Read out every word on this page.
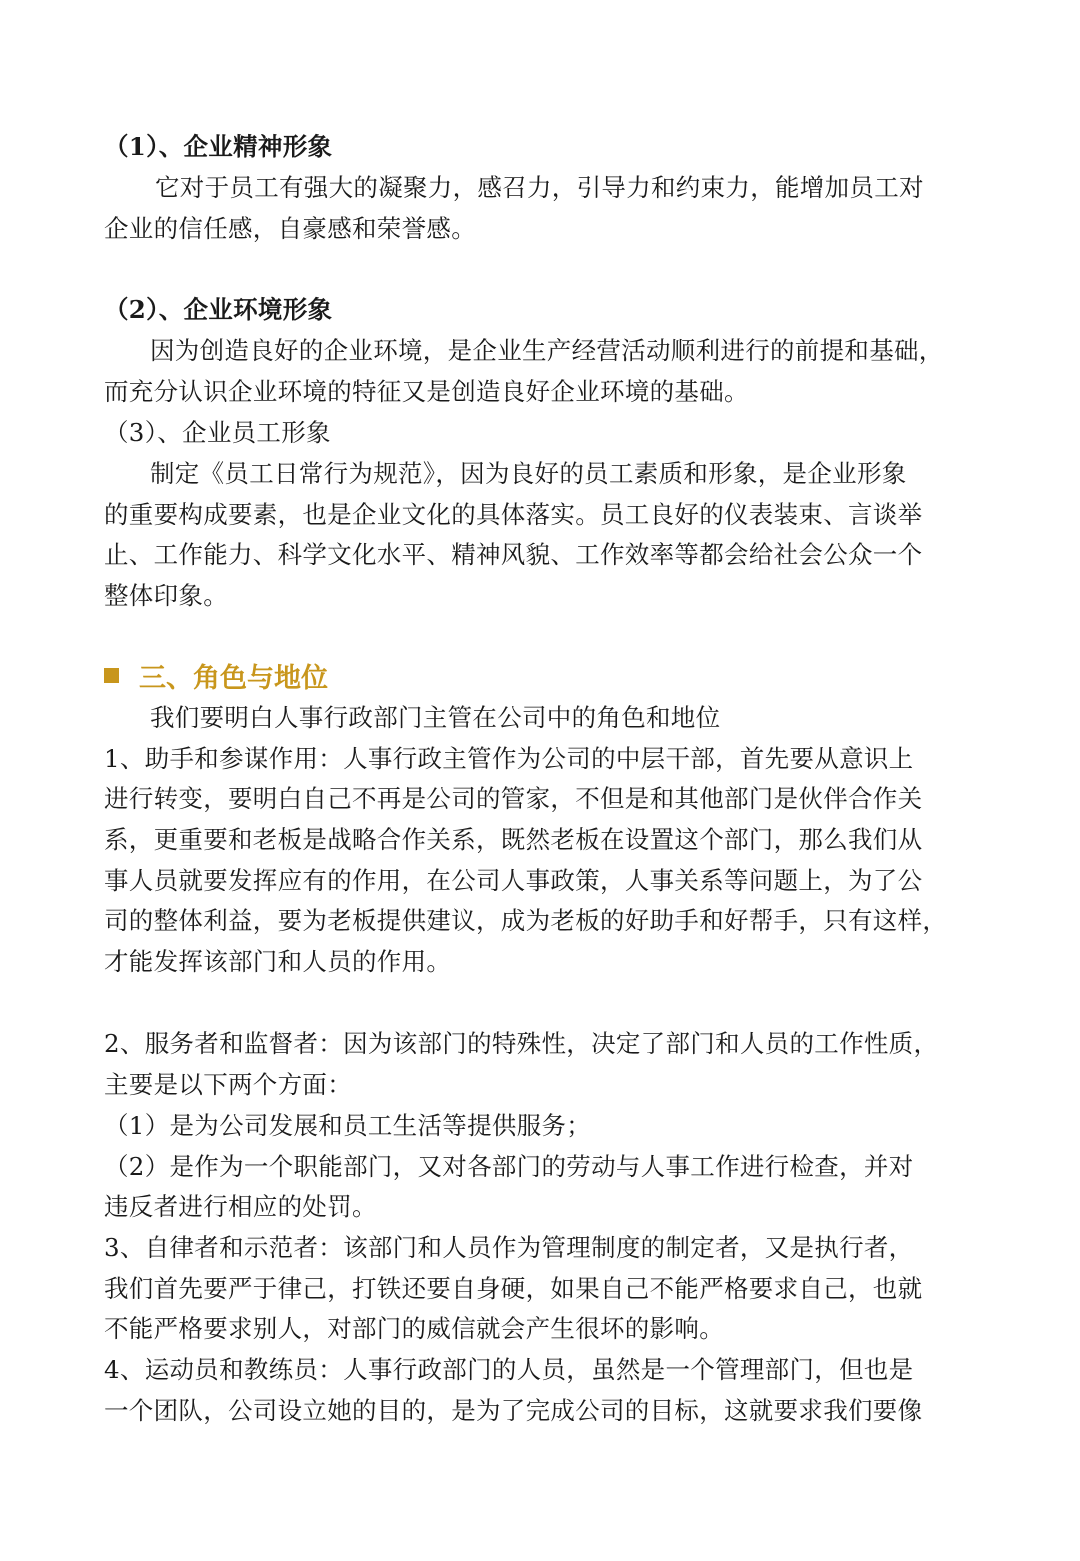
（1）、企业精神形象
它对于员工有强大的凝聚力，感召力，引导力和约束力，能增加员工对
企业的信任感，自豪感和荣誉感。
（2）、企业环境形象
因为创造良好的企业环境，是企业生产经营活动顺利进行的前提和基础，
而充分认识企业环境的特征又是创造良好企业环境的基础。
（3）、企业员工形象
制定《员工日常行为规范》，因为良好的员工素质和形象，是企业形象
的重要构成要素，也是企业文化的具体落实。员工良好的仪表装束、言谈举
止、工作能力、科学文化水平、精神风貌、工作效率等都会给社会公众一个
整体印象。
三、角色与地位
我们要明白人事行政部门主管在公司中的角色和地位
1、助手和参谋作用：人事行政主管作为公司的中层干部，首先要从意识上
进行转变，要明白自己不再是公司的管家，不但是和其他部门是伙伴合作关
系，更重要和老板是战略合作关系，既然老板在设置这个部门，那么我们从
事人员就要发挥应有的作用，在公司人事政策，人事关系等问题上，为了公
司的整体利益，要为老板提供建议，成为老板的好助手和好帮手，只有这样，
才能发挥该部门和人员的作用。
2、服务者和监督者：因为该部门的特殊性，决定了部门和人员的工作性质，
主要是以下两个方面：
（1）是为公司发展和员工生活等提供服务；
（2）是作为一个职能部门，又对各部门的劳动与人事工作进行检查，并对
违反者进行相应的处罚。
3、自律者和示范者：该部门和人员作为管理制度的制定者，又是执行者，
我们首先要严于律己，打铁还要自身硬，如果自己不能严格要求自己，也就
不能严格要求别人，对部门的威信就会产生很坏的影响。
4、运动员和教练员：人事行政部门的人员，虽然是一个管理部门，但也是
一个团队，公司设立她的目的，是为了完成公司的目标，这就要求我们要像
